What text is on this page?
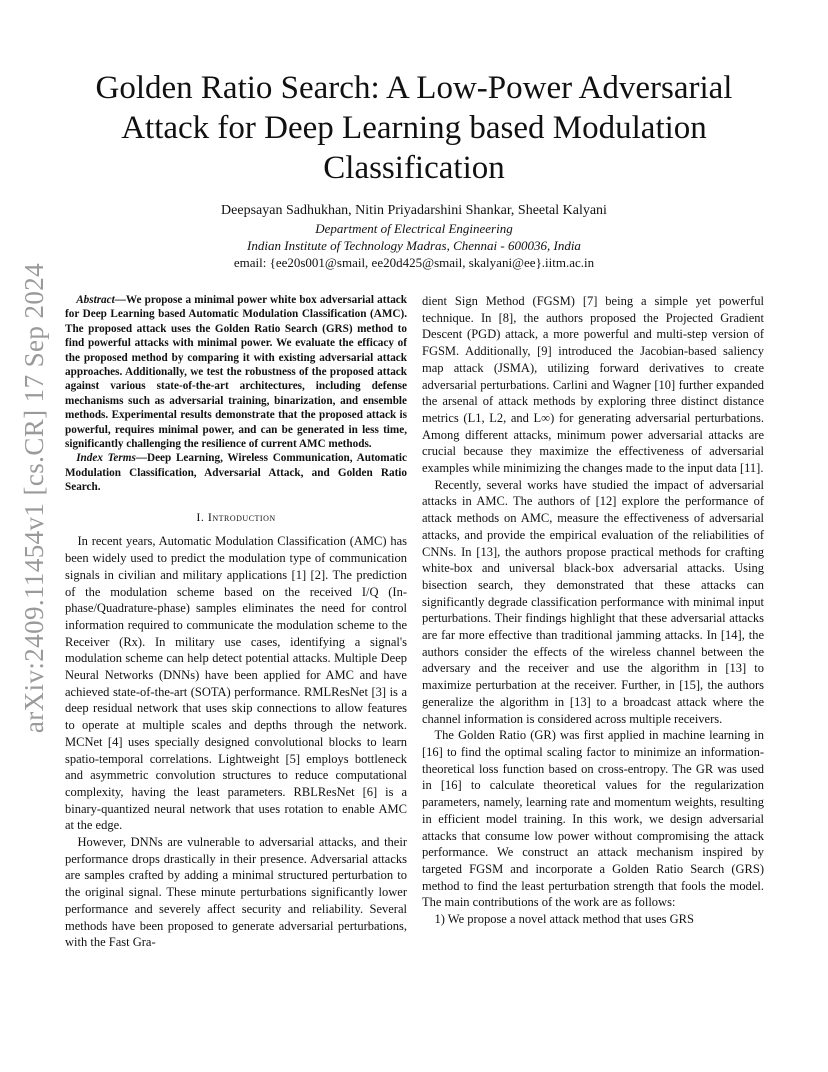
arXiv:2409.11454v1 [cs.CR] 17 Sep 2024
Golden Ratio Search: A Low-Power Adversarial Attack for Deep Learning based Modulation Classification
Deepsayan Sadhukhan, Nitin Priyadarshini Shankar, Sheetal Kalyani
Department of Electrical Engineering
Indian Institute of Technology Madras, Chennai - 600036, India
email: {ee20s001@smail, ee20d425@smail, skalyani@ee}.iitm.ac.in

Abstract—We propose a minimal power white box adversarial attack for Deep Learning based Automatic Modulation Classification (AMC). The proposed attack uses the Golden Ratio Search (GRS) method to find powerful attacks with minimal power. We evaluate the efficacy of the proposed method by comparing it with existing adversarial attack approaches. Additionally, we test the robustness of the proposed attack against various state-of-the-art architectures, including defense mechanisms such as adversarial training, binarization, and ensemble methods. Experimental results demonstrate that the proposed attack is powerful, requires minimal power, and can be generated in less time, significantly challenging the resilience of current AMC methods.

Index Terms—Deep Learning, Wireless Communication, Automatic Modulation Classification, Adversarial Attack, and Golden Ratio Search.

I. Introduction

In recent years, Automatic Modulation Classification (AMC) has been widely used to predict the modulation type of communication signals in civilian and military applications [1] [2]. The prediction of the modulation scheme based on the received I/Q (In-phase/Quadrature-phase) samples eliminates the need for control information required to communicate the modulation scheme to the Receiver (Rx). In military use cases, identifying a signal's modulation scheme can help detect potential attacks. Multiple Deep Neural Networks (DNNs) have been applied for AMC and have achieved state-of-the-art (SOTA) performance. RMLResNet [3] is a deep residual network that uses skip connections to allow features to operate at multiple scales and depths through the network. MCNet [4] uses specially designed convolutional blocks to learn spatio-temporal correlations. Lightweight [5] employs bottleneck and asymmetric convolution structures to reduce computational complexity, having the least parameters. RBLResNet [6] is a binary-quantized neural network that uses rotation to enable AMC at the edge.

However, DNNs are vulnerable to adversarial attacks, and their performance drops drastically in their presence. Adversarial attacks are samples crafted by adding a minimal structured perturbation to the original signal. These minute perturbations significantly lower performance and severely affect security and reliability. Several methods have been proposed to generate adversarial perturbations, with the Fast Gra-

dient Sign Method (FGSM) [7] being a simple yet powerful technique. In [8], the authors proposed the Projected Gradient Descent (PGD) attack, a more powerful and multi-step version of FGSM. Additionally, [9] introduced the Jacobian-based saliency map attack (JSMA), utilizing forward derivatives to create adversarial perturbations. Carlini and Wagner [10] further expanded the arsenal of attack methods by exploring three distinct distance metrics (L1, L2, and L∞) for generating adversarial perturbations. Among different attacks, minimum power adversarial attacks are crucial because they maximize the effectiveness of adversarial examples while minimizing the changes made to the input data [11].

Recently, several works have studied the impact of adversarial attacks in AMC. The authors of [12] explore the performance of attack methods on AMC, measure the effectiveness of adversarial attacks, and provide the empirical evaluation of the reliabilities of CNNs. In [13], the authors propose practical methods for crafting white-box and universal black-box adversarial attacks. Using bisection search, they demonstrated that these attacks can significantly degrade classification performance with minimal input perturbations. Their findings highlight that these adversarial attacks are far more effective than traditional jamming attacks. In [14], the authors consider the effects of the wireless channel between the adversary and the receiver and use the algorithm in [13] to maximize perturbation at the receiver. Further, in [15], the authors generalize the algorithm in [13] to a broadcast attack where the channel information is considered across multiple receivers.

The Golden Ratio (GR) was first applied in machine learning in [16] to find the optimal scaling factor to minimize an information-theoretical loss function based on cross-entropy. The GR was used in [16] to calculate theoretical values for the regularization parameters, namely, learning rate and momentum weights, resulting in efficient model training. In this work, we design adversarial attacks that consume low power without compromising the attack performance. We construct an attack mechanism inspired by targeted FGSM and incorporate a Golden Ratio Search (GRS) method to find the least perturbation strength that fools the model. The main contributions of the work are as follows:

1) We propose a novel attack method that uses GRS
